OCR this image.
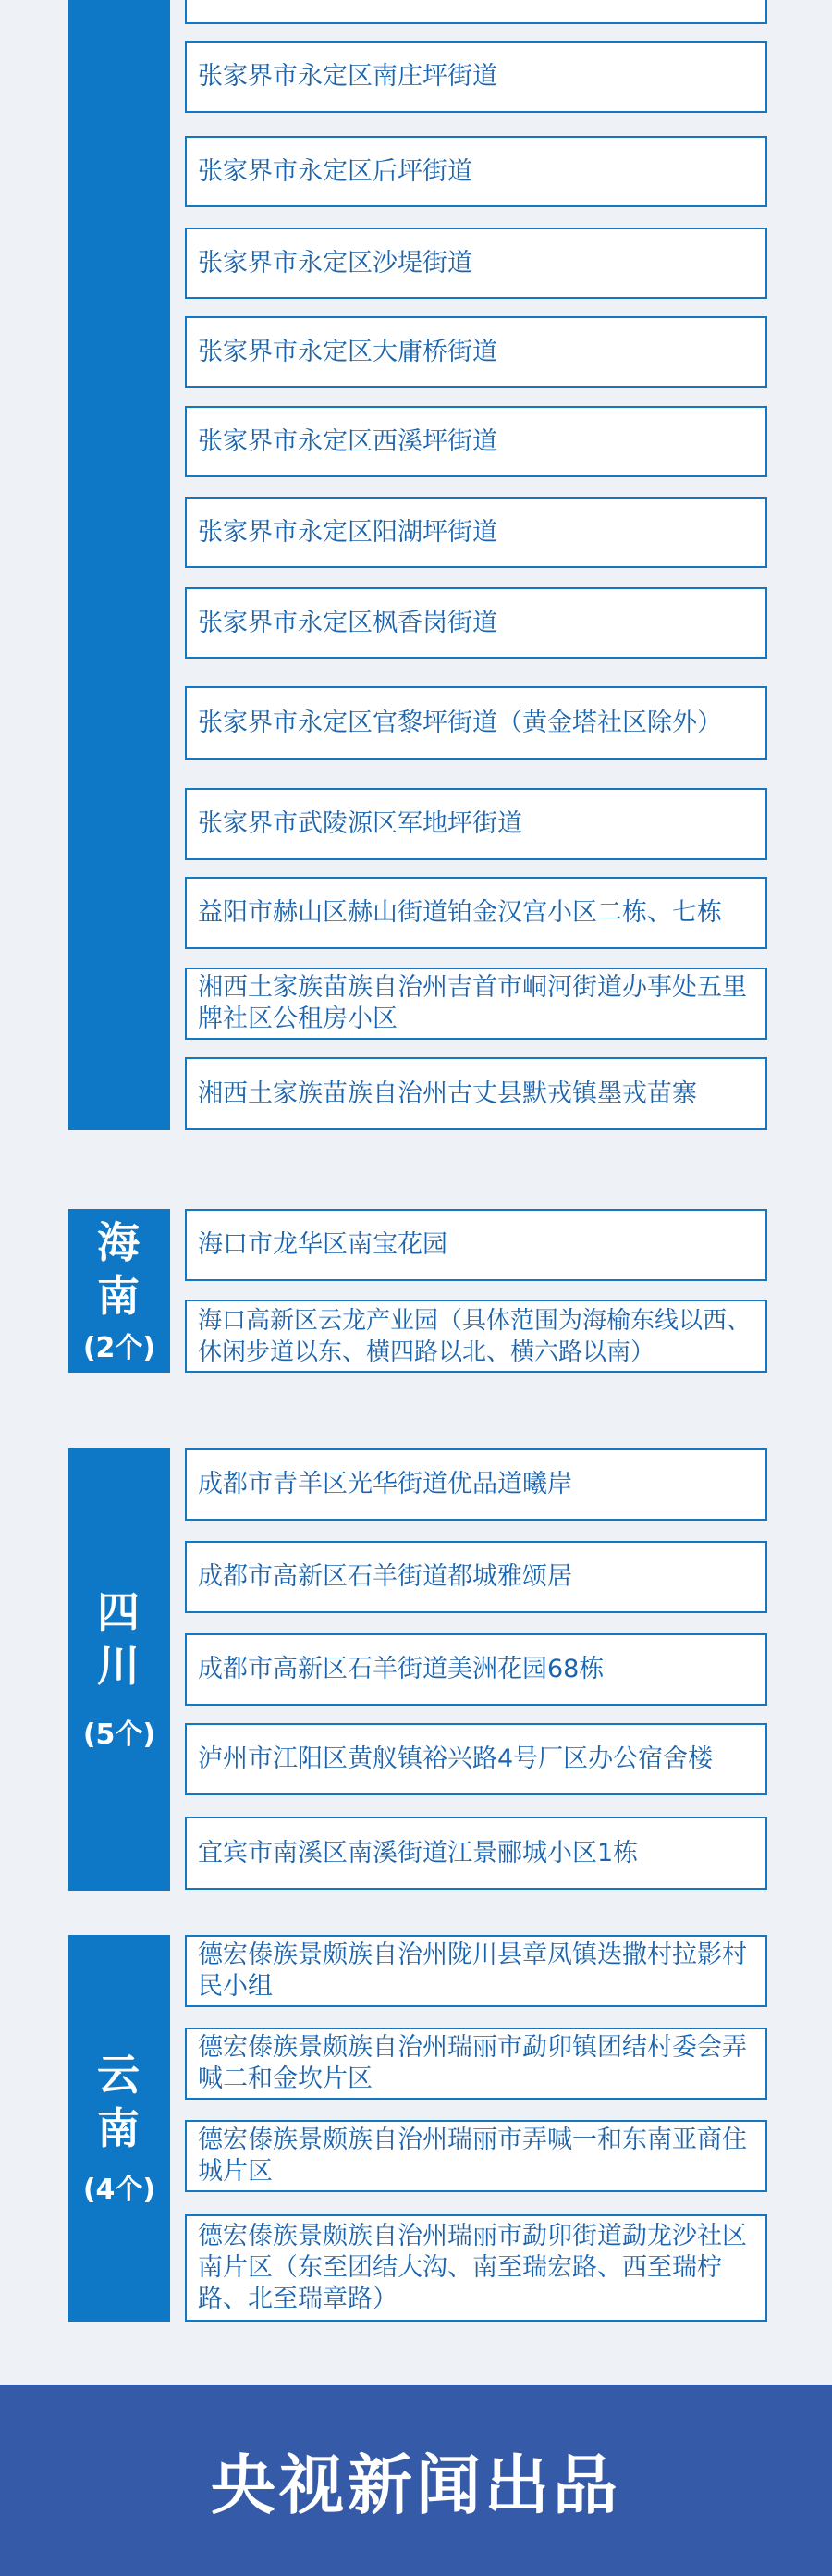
张家界市永定区南庄坪街道
张家界市永定区后坪街道
张家界市永定区沙堤街道
张家界市永定区大庸桥街道
张家界市永定区西溪坪街道
张家界市永定区阳湖坪街道
张家界市永定区枫香岗街道
张家界市永定区官黎坪街道（黄金塔社区除外）
张家界市武陵源区军地坪街道
益阳市赫山区赫山街道铂金汉宫小区二栋、七栋
湘西土家族苗族自治州吉首市峒河街道办事处五里牌社区公租房小区
湘西土家族苗族自治州古丈县默戎镇墨戎苗寨
海
南
(2个)
海口市龙华区南宝花园
海口高新区云龙产业园（具体范围为海榆东线以西、休闲步道以东、横四路以北、横六路以南）
四
川
(5个)
成都市青羊区光华街道优品道曦岸
成都市高新区石羊街道都城雅颂居
成都市高新区石羊街道美洲花园68栋
泸州市江阳区黄舣镇裕兴路4号厂区办公宿舍楼
宜宾市南溪区南溪街道江景郦城小区1栋
云
南
(4个)
德宏傣族景颇族自治州陇川县章凤镇迭撒村拉影村民小组
德宏傣族景颇族自治州瑞丽市勐卯镇团结村委会弄喊二和金坎片区
德宏傣族景颇族自治州瑞丽市弄喊一和东南亚商住城片区
德宏傣族景颇族自治州瑞丽市勐卯街道勐龙沙社区南片区（东至团结大沟、南至瑞宏路、西至瑞柠路、北至瑞章路）
央视新闻出品
